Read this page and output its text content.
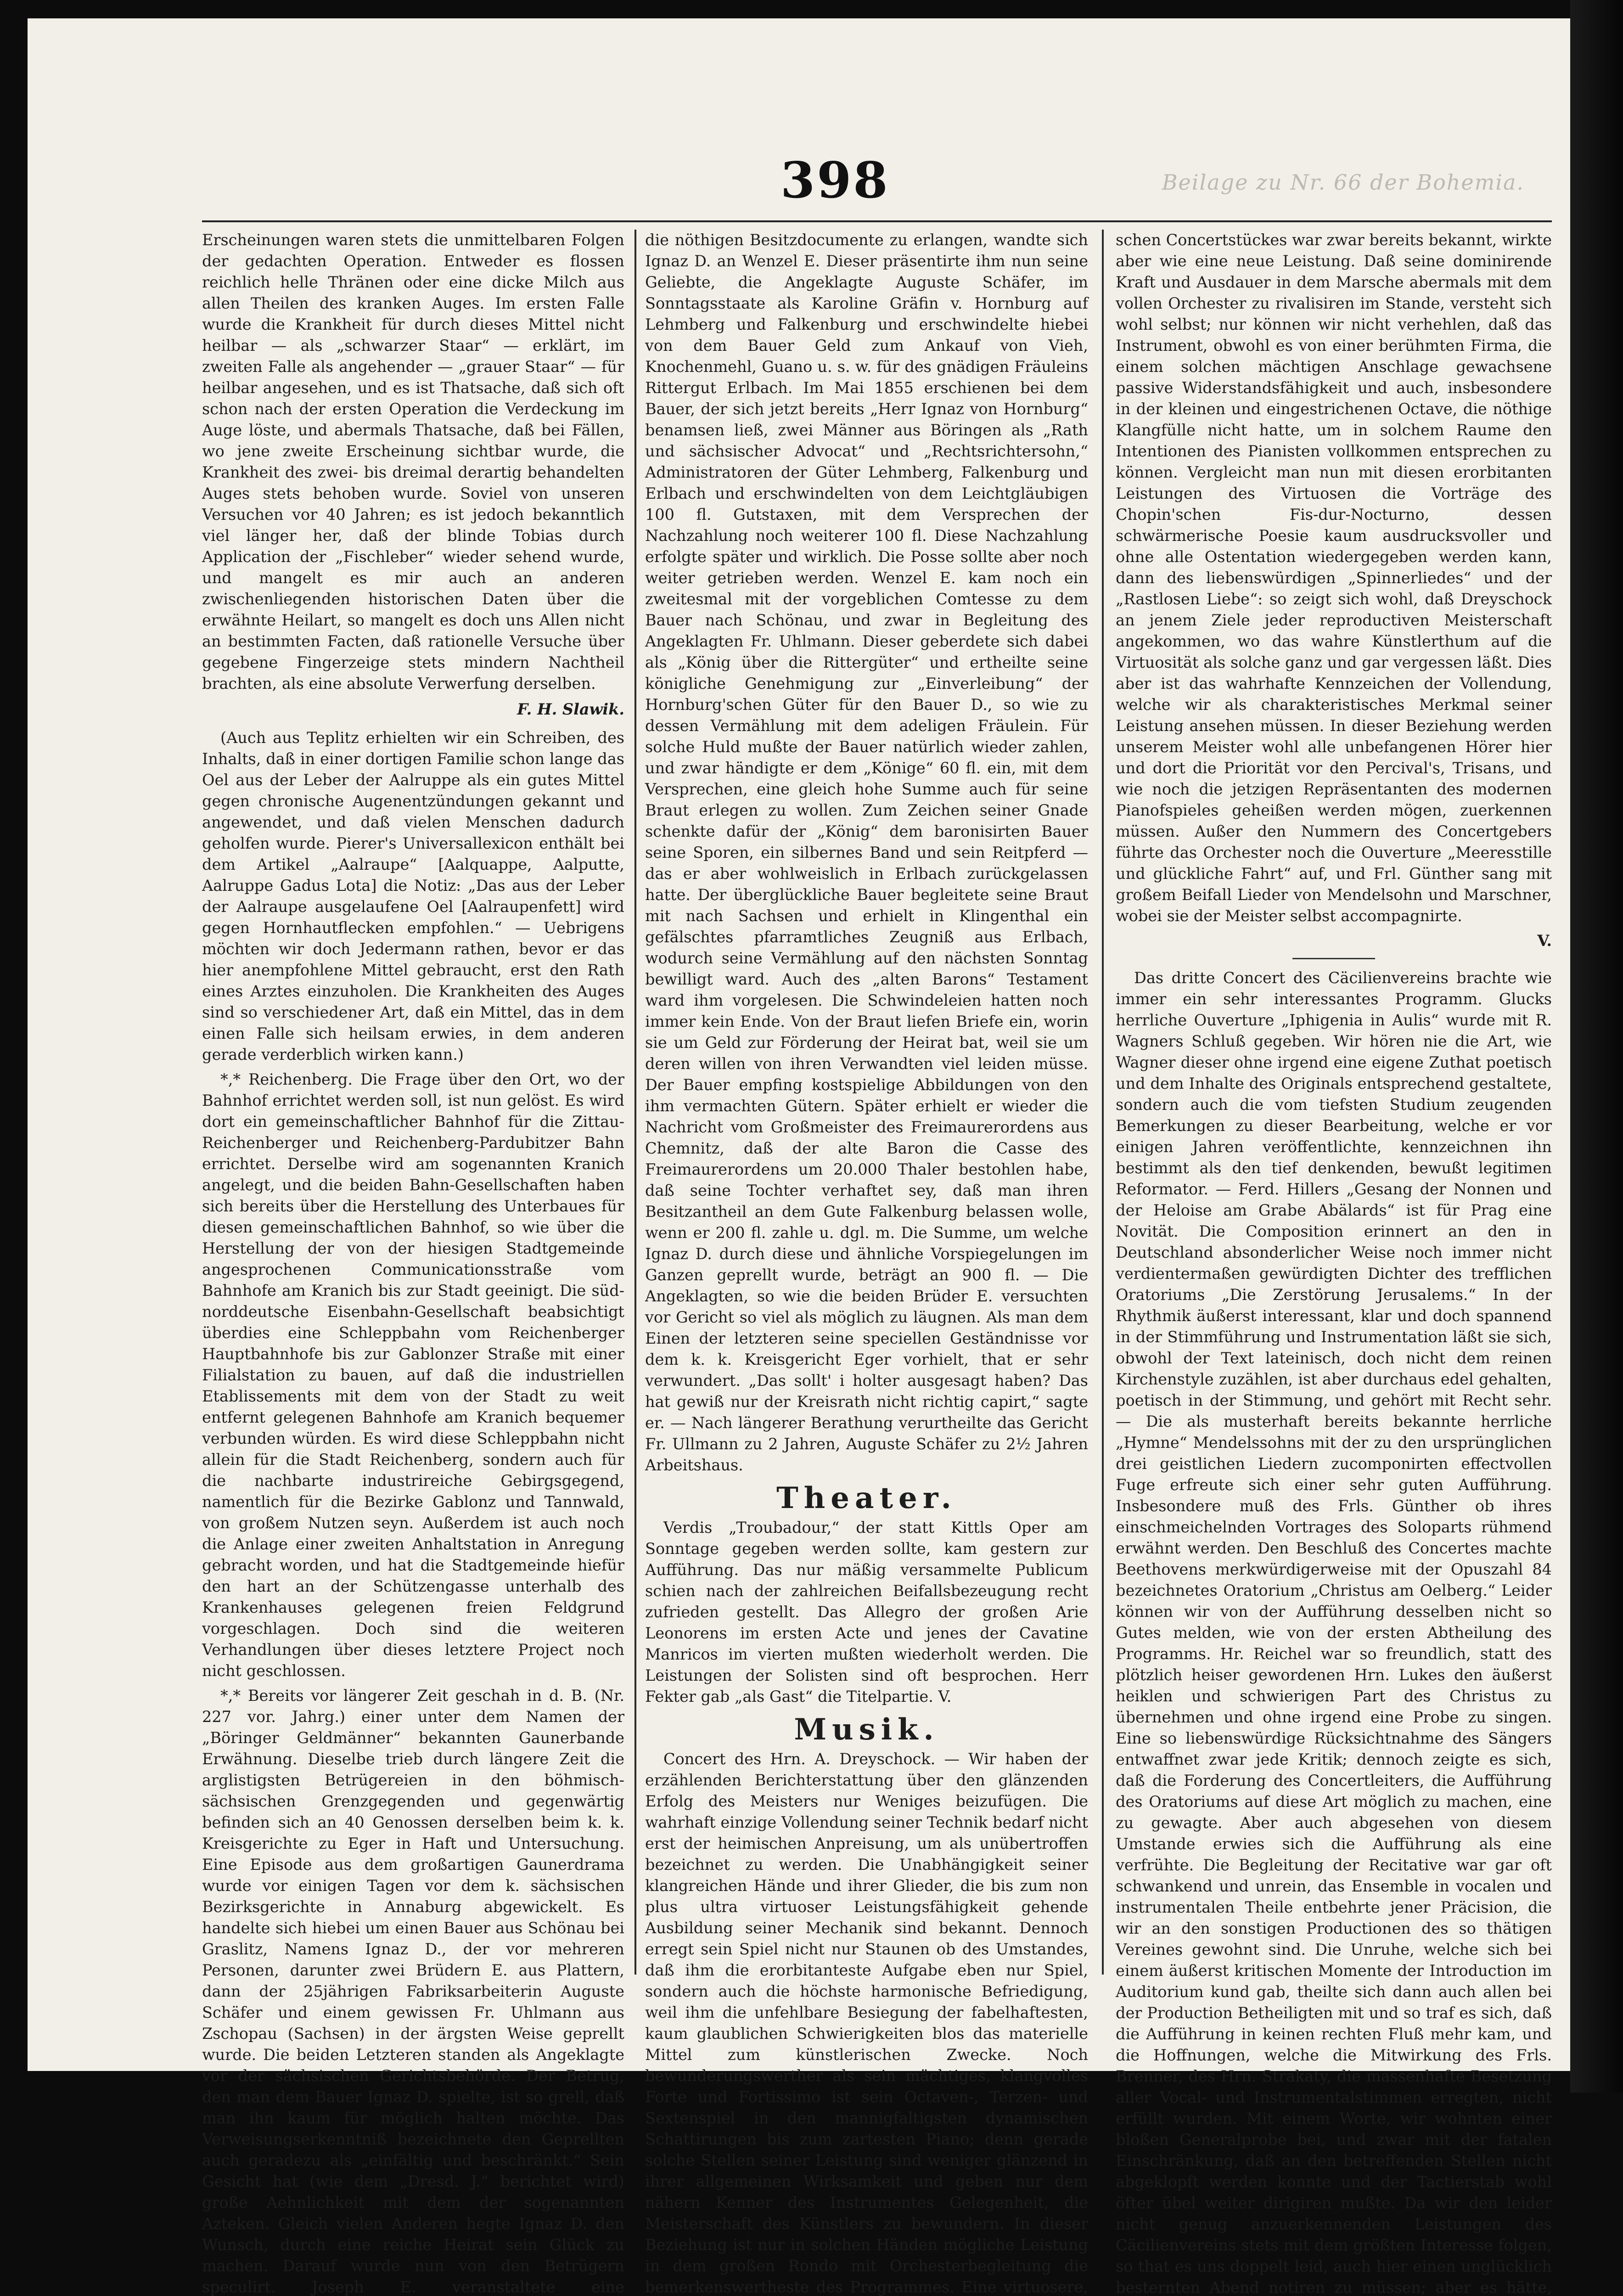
Beilage zu Nr. 66 der Bohemia.
398

Erscheinungen waren stets die unmittelbaren Folgen der gedachten Operation. Entweder es flossen reichlich helle Thränen oder eine dicke Milch aus allen Theilen des kranken Auges. Im ersten Falle wurde die Krankheit für durch dieses Mittel nicht heilbar — als „schwarzer Staar“ — erklärt, im zweiten Falle als angehender — „grauer Staar“ — für heilbar angesehen, und es ist Thatsache, daß sich oft schon nach der ersten Operation die Verdeckung im Auge löste, und abermals Thatsache, daß bei Fällen, wo jene zweite Erscheinung sichtbar wurde, die Krankheit des zwei- bis dreimal derartig behandelten Auges stets behoben wurde. Soviel von unseren Versuchen vor 40 Jahren; es ist jedoch bekanntlich viel länger her, daß der blinde Tobias durch Application der „Fischleber“ wieder sehend wurde, und mangelt es mir auch an anderen zwischenliegenden historischen Daten über die erwähnte Heilart, so mangelt es doch uns Allen nicht an bestimmten Facten, daß rationelle Versuche über gegebene Fingerzeige stets mindern Nachtheil brachten, als eine absolute Verwerfung derselben.

F. H. Slawik.

(Auch aus Teplitz erhielten wir ein Schreiben, des Inhalts, daß in einer dortigen Familie schon lange das Oel aus der Leber der Aalruppe als ein gutes Mittel gegen chronische Augenentzündungen gekannt und angewendet, und daß vielen Menschen dadurch geholfen wurde. Pierer's Universallexicon enthält bei dem Artikel „Aalraupe“ [Aalquappe, Aalputte, Aalruppe Gadus Lota] die Notiz: „Das aus der Leber der Aalraupe ausgelaufene Oel [Aalraupenfett] wird gegen Hornhautflecken empfohlen.“ — Uebrigens möchten wir doch Jedermann rathen, bevor er das hier anempfohlene Mittel gebraucht, erst den Rath eines Arztes einzuholen. Die Krankheiten des Auges sind so verschiedener Art, daß ein Mittel, das in dem einen Falle sich heilsam erwies, in dem anderen gerade verderblich wirken kann.)

*,* Reichenberg. Die Frage über den Ort, wo der Bahnhof errichtet werden soll, ist nun gelöst. Es wird dort ein gemeinschaftlicher Bahnhof für die Zittau-Reichenberger und Reichenberg-Pardubitzer Bahn errichtet. Derselbe wird am sogenannten Kranich angelegt, und die beiden Bahn-Gesellschaften haben sich bereits über die Herstellung des Unterbaues für diesen gemeinschaftlichen Bahnhof, so wie über die Herstellung der von der hiesigen Stadtgemeinde angesprochenen Communicationsstraße vom Bahnhofe am Kranich bis zur Stadt geeinigt. Die süd-norddeutsche Eisenbahn-Gesellschaft beabsichtigt überdies eine Schleppbahn vom Reichenberger Hauptbahnhofe bis zur Gablonzer Straße mit einer Filialstation zu bauen, auf daß die industriellen Etablissements mit dem von der Stadt zu weit entfernt gelegenen Bahnhofe am Kranich bequemer verbunden würden. Es wird diese Schleppbahn nicht allein für die Stadt Reichenberg, sondern auch für die nachbarte industrireiche Gebirgsgegend, namentlich für die Bezirke Gablonz und Tannwald, von großem Nutzen seyn. Außerdem ist auch noch die Anlage einer zweiten Anhaltstation in Anregung gebracht worden, und hat die Stadtgemeinde hiefür den hart an der Schützengasse unterhalb des Krankenhauses gelegenen freien Feldgrund vorgeschlagen. Doch sind die weiteren Verhandlungen über dieses letztere Project noch nicht geschlossen.

*,* Bereits vor längerer Zeit geschah in d. B. (Nr. 227 vor. Jahrg.) einer unter dem Namen der „Böringer Geldmänner“ bekannten Gaunerbande Erwähnung. Dieselbe trieb durch längere Zeit die arglistigsten Betrügereien in den böhmisch-sächsischen Grenzgegenden und gegenwärtig befinden sich an 40 Genossen derselben beim k. k. Kreisgerichte zu Eger in Haft und Untersuchung. Eine Episode aus dem großartigen Gaunerdrama wurde vor einigen Tagen vor dem k. sächsischen Bezirksgerichte in Annaburg abgewickelt. Es handelte sich hiebei um einen Bauer aus Schönau bei Graslitz, Namens Ignaz D., der vor mehreren Personen, darunter zwei Brüdern E. aus Plattern, dann der 25jährigen Fabriksarbeiterin Auguste Schäfer und einem gewissen Fr. Uhlmann aus Zschopau (Sachsen) in der ärgsten Weise geprellt wurde. Die beiden Letzteren standen als Angeklagte vor der sächsischen Gerichtsbehörde. Der Betrug, den man dem Bauer Ignaz D. spielte, ist so grell, daß man ihn kaum für möglich halten möchte. Das Verweisungserkenntniß bezeichnete den Geprellten auch geradezu als „einfältig und beschränkt.“ Sein Gesicht hat (wie dem „Dresd. J.“ berichtet wird) große Aehnlichkeit mit dem der sogenannten Azteken. Gleich vielen Anderen hegte Ignaz D. den Wunsch, durch eine reiche Heirat sein Glück zu machen. Darauf wurde nun von den Betrügern speculirt. Joseph E. veranstaltete eine

die nöthigen Besitzdocumente zu erlangen, wandte sich Ignaz D. an Wenzel E. Dieser präsentirte ihm nun seine Geliebte, die Angeklagte Auguste Schäfer, im Sonntagsstaate als Karoline Gräfin v. Hornburg auf Lehmberg und Falkenburg und erschwindelte hiebei von dem Bauer Geld zum Ankauf von Vieh, Knochenmehl, Guano u. s. w. für des gnädigen Fräuleins Rittergut Erlbach. Im Mai 1855 erschienen bei dem Bauer, der sich jetzt bereits „Herr Ignaz von Hornburg“ benamsen ließ, zwei Männer aus Böringen als „Rath und sächsischer Advocat“ und „Rechtsrichtersohn,“ Administratoren der Güter Lehmberg, Falkenburg und Erlbach und erschwindelten von dem Leichtgläubigen 100 fl. Gutstaxen, mit dem Versprechen der Nachzahlung noch weiterer 100 fl. Diese Nachzahlung erfolgte später und wirklich. Die Posse sollte aber noch weiter getrieben werden. Wenzel E. kam noch ein zweitesmal mit der vorgeblichen Comtesse zu dem Bauer nach Schönau, und zwar in Begleitung des Angeklagten Fr. Uhlmann. Dieser geberdete sich dabei als „König über die Rittergüter“ und ertheilte seine königliche Genehmigung zur „Einverleibung“ der Hornburg'schen Güter für den Bauer D., so wie zu dessen Vermählung mit dem adeligen Fräulein. Für solche Huld mußte der Bauer natürlich wieder zahlen, und zwar händigte er dem „Könige“ 60 fl. ein, mit dem Versprechen, eine gleich hohe Summe auch für seine Braut erlegen zu wollen. Zum Zeichen seiner Gnade schenkte dafür der „König“ dem baronisirten Bauer seine Sporen, ein silbernes Band und sein Reitpferd — das er aber wohlweislich in Erlbach zurückgelassen hatte. Der überglückliche Bauer begleitete seine Braut mit nach Sachsen und erhielt in Klingenthal ein gefälschtes pfarramtliches Zeugniß aus Erlbach, wodurch seine Vermählung auf den nächsten Sonntag bewilligt ward. Auch des „alten Barons“ Testament ward ihm vorgelesen. Die Schwindeleien hatten noch immer kein Ende. Von der Braut liefen Briefe ein, worin sie um Geld zur Förderung der Heirat bat, weil sie um deren willen von ihren Verwandten viel leiden müsse. Der Bauer empfing kostspielige Abbildungen von den ihm vermachten Gütern. Später erhielt er wieder die Nachricht vom Großmeister des Freimaurerordens aus Chemnitz, daß der alte Baron die Casse des Freimaurerordens um 20.000 Thaler bestohlen habe, daß seine Tochter verhaftet sey, daß man ihren Besitzantheil an dem Gute Falkenburg belassen wolle, wenn er 200 fl. zahle u. dgl. m. Die Summe, um welche Ignaz D. durch diese und ähnliche Vorspiegelungen im Ganzen geprellt wurde, beträgt an 900 fl. — Die Angeklagten, so wie die beiden Brüder E. versuchten vor Gericht so viel als möglich zu läugnen. Als man dem Einen der letzteren seine speciellen Geständnisse vor dem k. k. Kreisgericht Eger vorhielt, that er sehr verwundert. „Das sollt' i holter ausgesagt haben? Das hat gewiß nur der Kreisrath nicht richtig capirt,“ sagte er. — Nach längerer Berathung verurtheilte das Gericht Fr. Ullmann zu 2 Jahren, Auguste Schäfer zu 2½ Jahren Arbeitshaus.

Theater.

Verdis „Troubadour,“ der statt Kittls Oper am Sonntage gegeben werden sollte, kam gestern zur Aufführung. Das nur mäßig versammelte Publicum schien nach der zahlreichen Beifallsbezeugung recht zufrieden gestellt. Das Allegro der großen Arie Leonorens im ersten Acte und jenes der Cavatine Manricos im vierten mußten wiederholt werden. Die Leistungen der Solisten sind oft besprochen. Herr Fekter gab „als Gast“ die Titelpartie. V.

Musik.

Concert des Hrn. A. Dreyschock. — Wir haben der erzählenden Berichterstattung über den glänzenden Erfolg des Meisters nur Weniges beizufügen. Die wahrhaft einzige Vollendung seiner Technik bedarf nicht erst der heimischen Anpreisung, um als unübertroffen bezeichnet zu werden. Die Unabhängigkeit seiner klangreichen Hände und ihrer Glieder, die bis zum non plus ultra virtuoser Leistungsfähigkeit gehende Ausbildung seiner Mechanik sind bekannt. Dennoch erregt sein Spiel nicht nur Staunen ob des Umstandes, daß ihm die erorbitanteste Aufgabe eben nur Spiel, sondern auch die höchste harmonische Befriedigung, weil ihm die unfehlbare Besiegung der fabelhaftesten, kaum glaublichen Schwierigkeiten blos das materielle Mittel zum künstlerischen Zwecke. Noch bewunderungswerther als sein mächtiges, klangvolles Forte und Fortissimo ist sein Octaven-, Terzen- und Sextenspiel in den mannigfaltigsten dynamischen Schattirungen bis zum zartesten Piano; denn gerade solche Stellen seiner Leistung sind weniger glänzend in ihrer allgemeinen Wirksamkeit und geben nur dem nähern Kenner des Instrumentes Gelegenheit, die Meisterschaft des Künstlers zu bewundern. In dieser Beziehung ist nur in solchen Händen mögliche Leistung in dem großen Rondo mit Orchesterbegleitung die bemerkenswertheste des Programmes. Eine virtuosere,

schen Concertstückes war zwar bereits bekannt, wirkte aber wie eine neue Leistung. Daß seine dominirende Kraft und Ausdauer in dem Marsche abermals mit dem vollen Orchester zu rivalisiren im Stande, versteht sich wohl selbst; nur können wir nicht verhehlen, daß das Instrument, obwohl es von einer berühmten Firma, die einem solchen mächtigen Anschlage gewachsene passive Widerstandsfähigkeit und auch, insbesondere in der kleinen und eingestrichenen Octave, die nöthige Klangfülle nicht hatte, um in solchem Raume den Intentionen des Pianisten vollkommen entsprechen zu können. Vergleicht man nun mit diesen erorbitanten Leistungen des Virtuosen die Vorträge des Chopin'schen Fis-dur-Nocturno, dessen schwärmerische Poesie kaum ausdrucksvoller und ohne alle Ostentation wiedergegeben werden kann, dann des liebenswürdigen „Spinnerliedes“ und der „Rastlosen Liebe“: so zeigt sich wohl, daß Dreyschock an jenem Ziele jeder reproductiven Meisterschaft angekommen, wo das wahre Künstlerthum auf die Virtuosität als solche ganz und gar vergessen läßt. Dies aber ist das wahrhafte Kennzeichen der Vollendung, welche wir als charakteristisches Merkmal seiner Leistung ansehen müssen. In dieser Beziehung werden unserem Meister wohl alle unbefangenen Hörer hier und dort die Priorität vor den Percival's, Trisans, und wie noch die jetzigen Repräsentanten des modernen Pianofspieles geheißen werden mögen, zuerkennen müssen. Außer den Nummern des Concertgebers führte das Orchester noch die Ouverture „Meeresstille und glückliche Fahrt“ auf, und Frl. Günther sang mit großem Beifall Lieder von Mendelsohn und Marschner, wobei sie der Meister selbst accompagnirte.

V.

Das dritte Concert des Cäcilienvereins brachte wie immer ein sehr interessantes Programm. Glucks herrliche Ouverture „Iphigenia in Aulis“ wurde mit R. Wagners Schluß gegeben. Wir hören nie die Art, wie Wagner dieser ohne irgend eine eigene Zuthat poetisch und dem Inhalte des Originals entsprechend gestaltete, sondern auch die vom tiefsten Studium zeugenden Bemerkungen zu dieser Bearbeitung, welche er vor einigen Jahren veröffentlichte, kennzeichnen ihn bestimmt als den tief denkenden, bewußt legitimen Reformator. — Ferd. Hillers „Gesang der Nonnen und der Heloise am Grabe Abälards“ ist für Prag eine Novität. Die Composition erinnert an den in Deutschland absonderlicher Weise noch immer nicht verdientermaßen gewürdigten Dichter des trefflichen Oratoriums „Die Zerstörung Jerusalems.“ In der Rhythmik äußerst interessant, klar und doch spannend in der Stimmführung und Instrumentation läßt sie sich, obwohl der Text lateinisch, doch nicht dem reinen Kirchenstyle zuzählen, ist aber durchaus edel gehalten, poetisch in der Stimmung, und gehört mit Recht sehr. — Die als musterhaft bereits bekannte herrliche „Hymne“ Mendelssohns mit der zu den ursprünglichen drei geistlichen Liedern zucomponirten effectvollen Fuge erfreute sich einer sehr guten Aufführung. Insbesondere muß des Frls. Günther ob ihres einschmeichelnden Vortrages des Soloparts rühmend erwähnt werden. Den Beschluß des Concertes machte Beethovens merkwürdigerweise mit der Opuszahl 84 bezeichnetes Oratorium „Christus am Oelberg.“ Leider können wir von der Aufführung desselben nicht so Gutes melden, wie von der ersten Abtheilung des Programms. Hr. Reichel war so freundlich, statt des plötzlich heiser gewordenen Hrn. Lukes den äußerst heiklen und schwierigen Part des Christus zu übernehmen und ohne irgend eine Probe zu singen. Eine so liebenswürdige Rücksichtnahme des Sängers entwaffnet zwar jede Kritik; dennoch zeigte es sich, daß die Forderung des Concertleiters, die Aufführung des Oratoriums auf diese Art möglich zu machen, eine zu gewagte. Aber auch abgesehen von diesem Umstande erwies sich die Aufführung als eine verfrühte. Die Begleitung der Recitative war gar oft schwankend und unrein, das Ensemble in vocalen und instrumentalen Theile entbehrte jener Präcision, die wir an den sonstigen Productionen des so thätigen Vereines gewohnt sind. Die Unruhe, welche sich bei einem äußerst kritischen Momente der Introduction im Auditorium kund gab, theilte sich dann auch allen bei der Production Betheiligten mit und so traf es sich, daß die Aufführung in keinen rechten Fluß mehr kam, und die Hoffnungen, welche die Mitwirkung des Frls. Brenner, des Hrn. Strakaty, die massenhafte Besetzung aller Vocal- und Instrumentalstimmen erregten, nicht erfüllt wurden. Mit einem Worte, wir wohnten einer bloßen Generalprobe bei, und zwar mit der fatalen Einschränkung, daß an den betreffenden Stellen nicht abgeklopft werden konnte und der Tactierstab wohl öfter übel weiter dirigiren mußte. Da wir den leider nicht genug anzuerkennenden Leistungen des Cäcilienvereins stets mit dem größten Interesse folgen, so that es uns doppelt leid, auch hier einen unglücklich besternten Abend notiren zu müssen; aber es hätte,
